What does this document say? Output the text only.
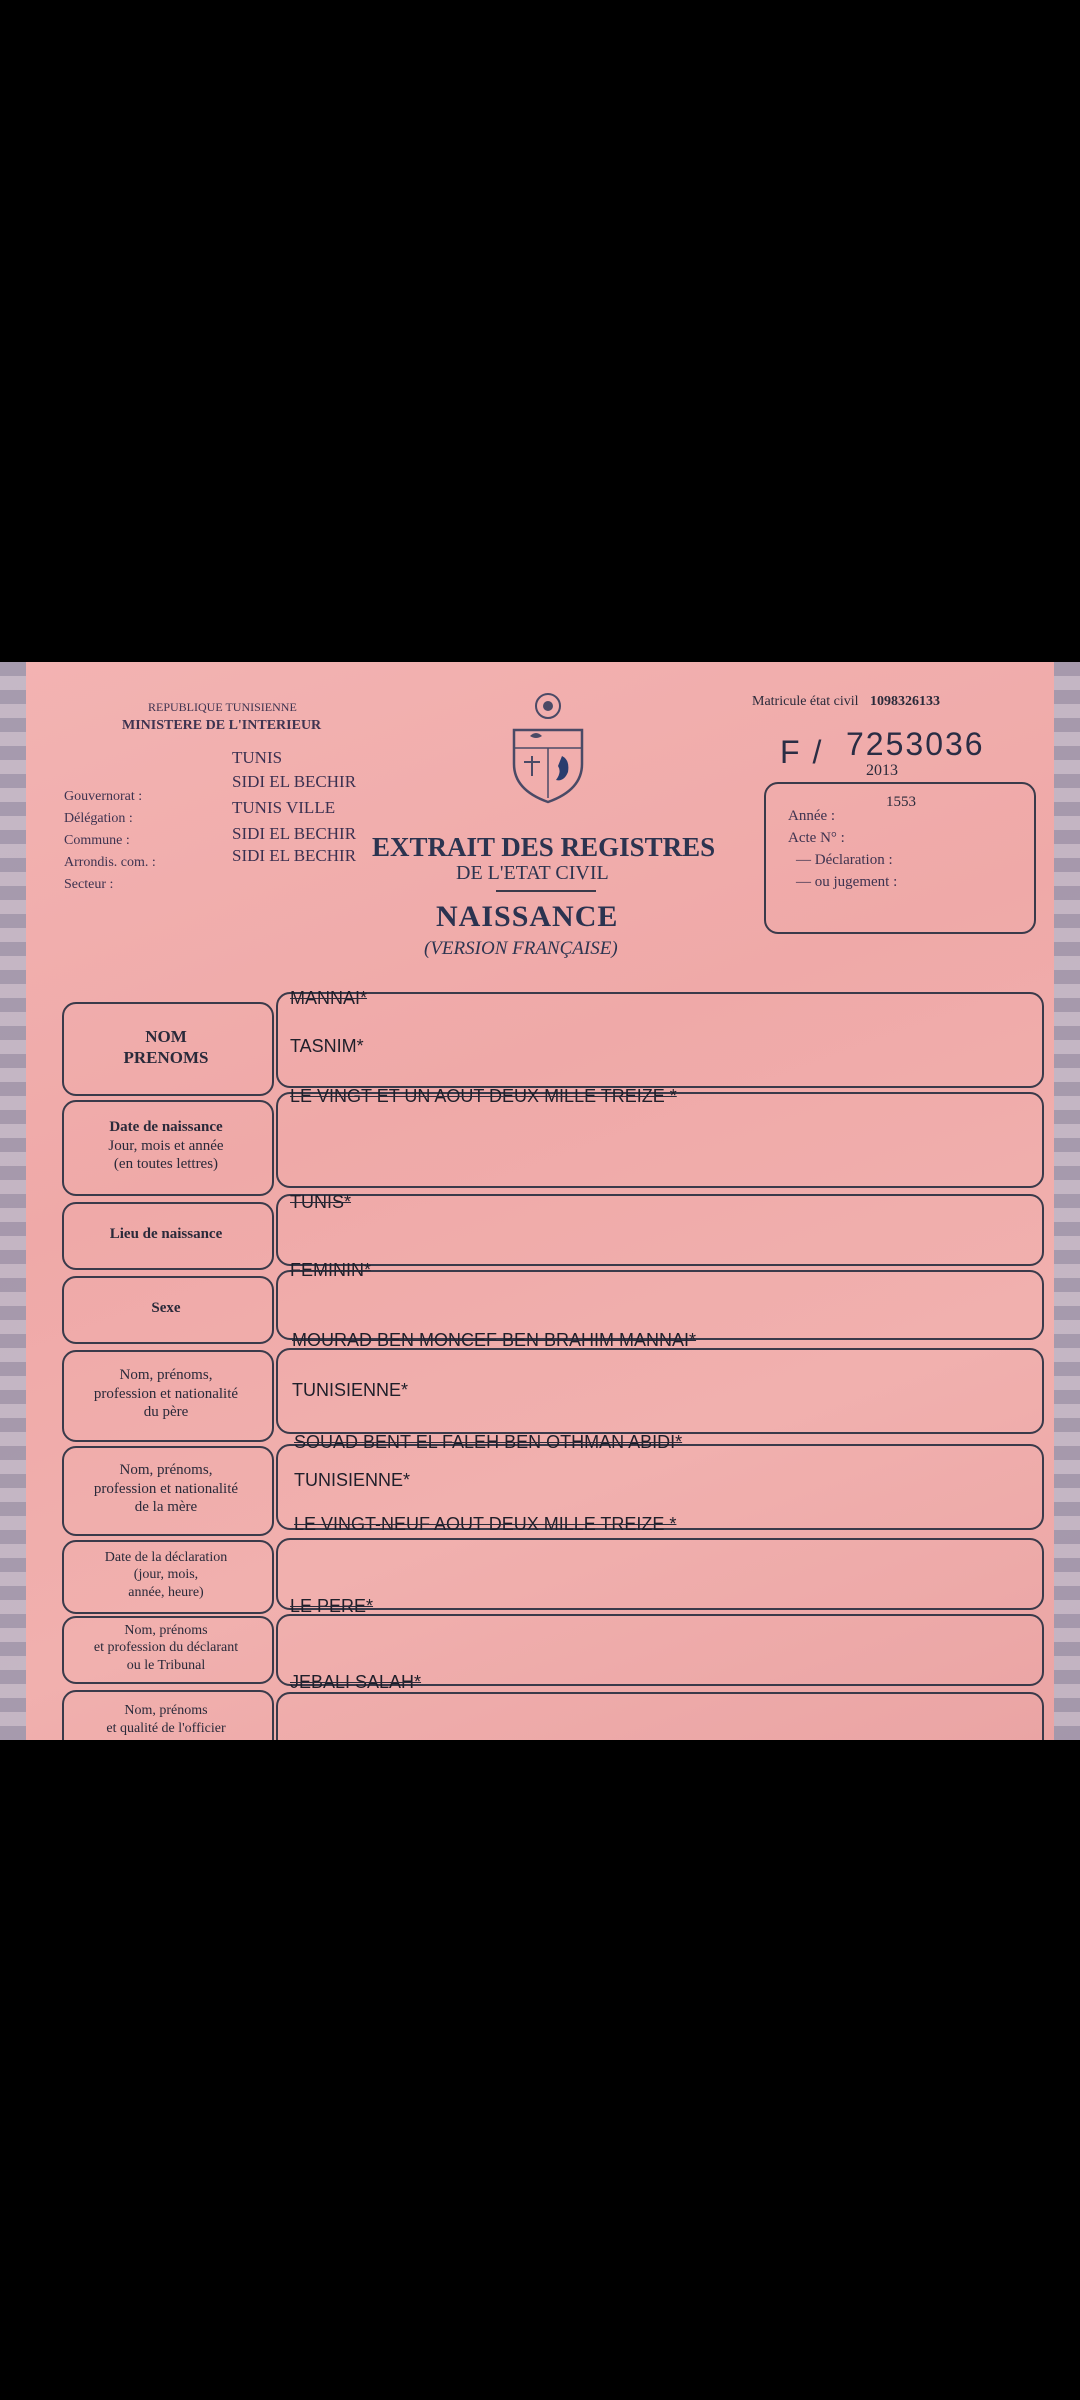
REPUBLIQUE TUNISIENNE
MINISTERE DE L'INTERIEUR
TUNIS
SIDI EL BECHIR
TUNIS VILLE
SIDI EL BECHIR
SIDI EL BECHIR
Gouvernorat :
Délégation :
Commune :
Arrondis. com. :
Secteur :
Matricule état civil 1098326133
F / 7253036
2013
Année :
1553
Acte N° :
— Déclaration :
— ou jugement :
EXTRAIT DES REGISTRES
DE L'ETAT CIVIL
NAISSANCE
(VERSION FRANÇAISE)
NOM
PRENOMS
MANNAI*
TASNIM*
Date de naissance
Jour, mois et année
(en toutes lettres)
LE VINGT ET UN AOUT DEUX MILLE TREIZE *
Lieu de naissance
TUNIS*
Sexe
FEMININ*
Nom, prénoms,
profession et nationalité
du père
MOURAD BEN MONCEF BEN BRAHIM MANNAI*
TUNISIENNE*
Nom, prénoms,
profession et nationalité
de la mère
SOUAD BENT EL FALEH BEN OTHMAN ABIDI*
TUNISIENNE*
LE VINGT-NEUF AOUT DEUX MILLE TREIZE *
Date de la déclaration
(jour, mois,
année, heure)
Nom, prénoms
et profession du déclarant
ou le Tribunal
LE PERE*
JEBALI SALAH*
Nom, prénoms
et qualité de l'officier
